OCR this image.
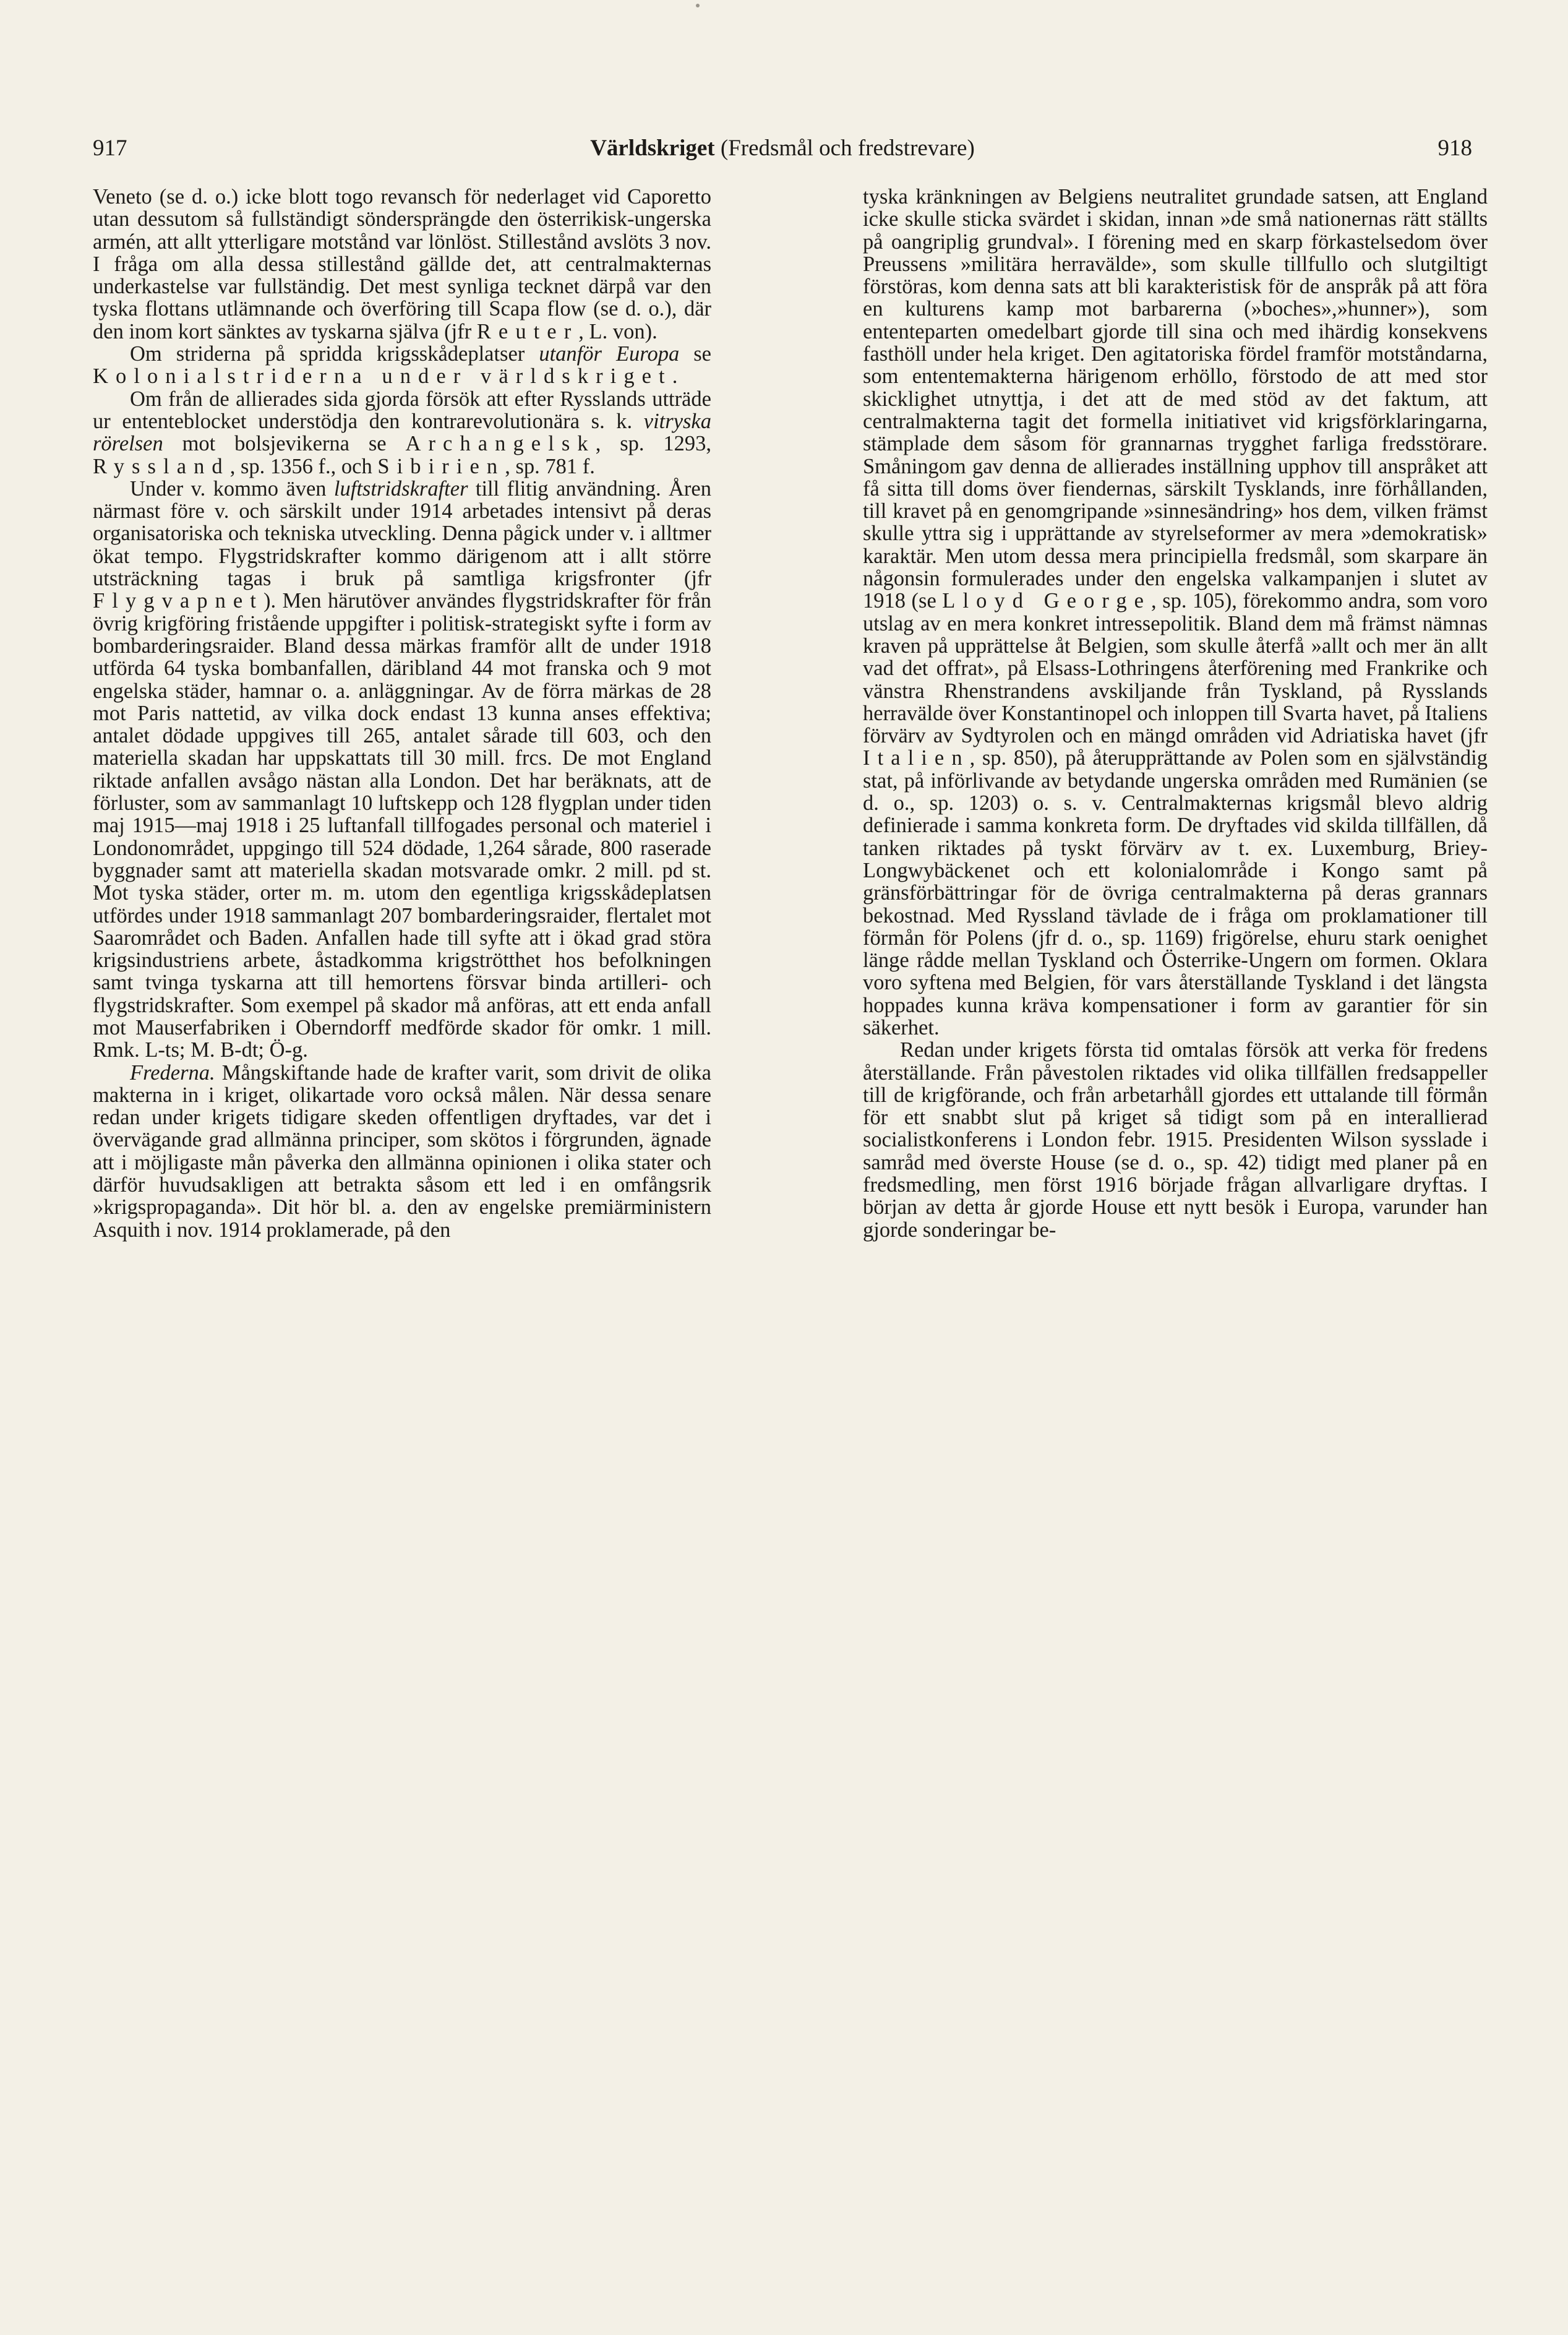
917	Världskriget (Fredsmål och fredstrevare)	918

Veneto (se d. o.) icke blott togo revansch för nederlaget vid Caporetto utan dessutom så fullständigt söndersprängde den österrikisk-ungerska armén, att allt ytterligare motstånd var lönlöst. Stillestånd avslöts 3 nov. I fråga om alla dessa stillestånd gällde det, att centralmakternas underkastelse var fullständig. Det mest synliga tecknet därpå var den tyska flottans utlämnande och överföring till Scapa flow (se d. o.), där den inom kort sänktes av tyskarna själva (jfr Reuter, L. von).

Om striderna på spridda krigsskådeplatser utanför Europa se Kolonialstriderna under världskriget.

Om från de allierades sida gjorda försök att efter Rysslands utträde ur ententeblocket understödja den kontrarevolutionära s. k. vitryska rörelsen mot bolsjevikerna se Archangelsk, sp. 1293, Ryssland, sp. 1356 f., och Sibirien, sp. 781 f.

Under v. kommo även luftstridskrafter till flitig användning. Åren närmast före v. och särskilt under 1914 arbetades intensivt på deras organisatoriska och tekniska utveckling. Denna pågick under v. i alltmer ökat tempo. Flygstridskrafter kommo därigenom att i allt större utsträckning tagas i bruk på samtliga krigsfronter (jfr Flygvapnet). Men härutöver användes flygstridskrafter för från övrig krigföring fristående uppgifter i politisk-strategiskt syfte i form av bombarderingsraider. Bland dessa märkas framför allt de under 1918 utförda 64 tyska bombanfallen, däribland 44 mot franska och 9 mot engelska städer, hamnar o. a. anläggningar. Av de förra märkas de 28 mot Paris nattetid, av vilka dock endast 13 kunna anses effektiva; antalet dödade uppgives till 265, antalet sårade till 603, och den materiella skadan har uppskattats till 30 mill. frcs. De mot England riktade anfallen avsågo nästan alla London. Det har beräknats, att de förluster, som av sammanlagt 10 luftskepp och 128 flygplan under tiden maj 1915—maj 1918 i 25 luftanfall tillfogades personal och materiel i Londonområdet, uppgingo till 524 dödade, 1,264 sårade, 800 raserade byggnader samt att materiella skadan motsvarade omkr. 2 mill. pd st. Mot tyska städer, orter m. m. utom den egentliga krigsskådeplatsen utfördes under 1918 sammanlagt 207 bombarderingsraider, flertalet mot Saarområdet och Baden. Anfallen hade till syfte att i ökad grad störa krigsindustriens arbete, åstadkomma krigströtthet hos befolkningen samt tvinga tyskarna att till hemortens försvar binda artilleri- och flygstridskrafter. Som exempel på skador må anföras, att ett enda anfall mot Mauserfabriken i Oberndorff medförde skador för omkr. 1 mill. Rmk. L-ts; M. B-dt; Ö-g.

Frederna. Mångskiftande hade de krafter varit, som drivit de olika makterna in i kriget, olikartade voro också målen. När dessa senare redan under krigets tidigare skeden offentligen dryftades, var det i övervägande grad allmänna principer, som skötos i förgrunden, ägnade att i möjligaste mån påverka den allmänna opinionen i olika stater och därför huvudsakligen att betrakta såsom ett led i en omfångsrik »krigspropaganda». Dit hör bl. a. den av engelske premiärministern Asquith i nov. 1914 proklamerade, på den

tyska kränkningen av Belgiens neutralitet grundade satsen, att England icke skulle sticka svärdet i skidan, innan »de små nationernas rätt ställts på oangriplig grundval». I förening med en skarp förkastelsedom över Preussens »militära herravälde», som skulle tillfullo och slutgiltigt förstöras, kom denna sats att bli karakteristisk för de anspråk på att föra en kulturens kamp mot barbarerna (»boches»,»hunner»), som ententeparten omedelbart gjorde till sina och med ihärdig konsekvens fasthöll under hela kriget. Den agitatoriska fördel framför motståndarna, som ententemakterna härigenom erhöllo, förstodo de att med stor skicklighet utnyttja, i det att de med stöd av det faktum, att centralmakterna tagit det formella initiativet vid krigsförklaringarna, stämplade dem såsom för grannarnas trygghet farliga fredsstörare. Småningom gav denna de allierades inställning upphov till anspråket att få sitta till doms över fiendernas, särskilt Tysklands, inre förhållanden, till kravet på en genomgripande »sinnesändring» hos dem, vilken främst skulle yttra sig i upprättande av styrelseformer av mera »demokratisk» karaktär. Men utom dessa mera principiella fredsmål, som skarpare än någonsin formulerades under den engelska valkampanjen i slutet av 1918 (se Lloyd George, sp. 105), förekommo andra, som voro utslag av en mera konkret intressepolitik. Bland dem må främst nämnas kraven på upprättelse åt Belgien, som skulle återfå »allt och mer än allt vad det offrat», på Elsass-Lothringens återförening med Frankrike och vänstra Rhenstrandens avskiljande från Tyskland, på Rysslands herravälde över Konstantinopel och inloppen till Svarta havet, på Italiens förvärv av Sydtyrolen och en mängd områden vid Adriatiska havet (jfr Italien, sp. 850), på återupprättande av Polen som en självständig stat, på införlivande av betydande ungerska områden med Rumänien (se d. o., sp. 1203) o. s. v. Centralmakternas krigsmål blevo aldrig definierade i samma konkreta form. De dryftades vid skilda tillfällen, då tanken riktades på tyskt förvärv av t. ex. Luxemburg, Briey-Longwybäckenet och ett kolonialområde i Kongo samt på gränsförbättringar för de övriga centralmakterna på deras grannars bekostnad. Med Ryssland tävlade de i fråga om proklamationer till förmån för Polens (jfr d. o., sp. 1169) frigörelse, ehuru stark oenighet länge rådde mellan Tyskland och Österrike-Ungern om formen. Oklara voro syftena med Belgien, för vars återställande Tyskland i det längsta hoppades kunna kräva kompensationer i form av garantier för sin säkerhet.

Redan under krigets första tid omtalas försök att verka för fredens återställande. Från påvestolen riktades vid olika tillfällen fredsappeller till de krigförande, och från arbetarhåll gjordes ett uttalande till förmån för ett snabbt slut på kriget så tidigt som på en interallierad socialistkonferens i London febr. 1915. Presidenten Wilson sysslade i samråd med överste House (se d. o., sp. 42) tidigt med planer på en fredsmedling, men först 1916 började frågan allvarligare dryftas. I början av detta år gjorde House ett nytt besök i Europa, varunder han gjorde sonderingar be-
